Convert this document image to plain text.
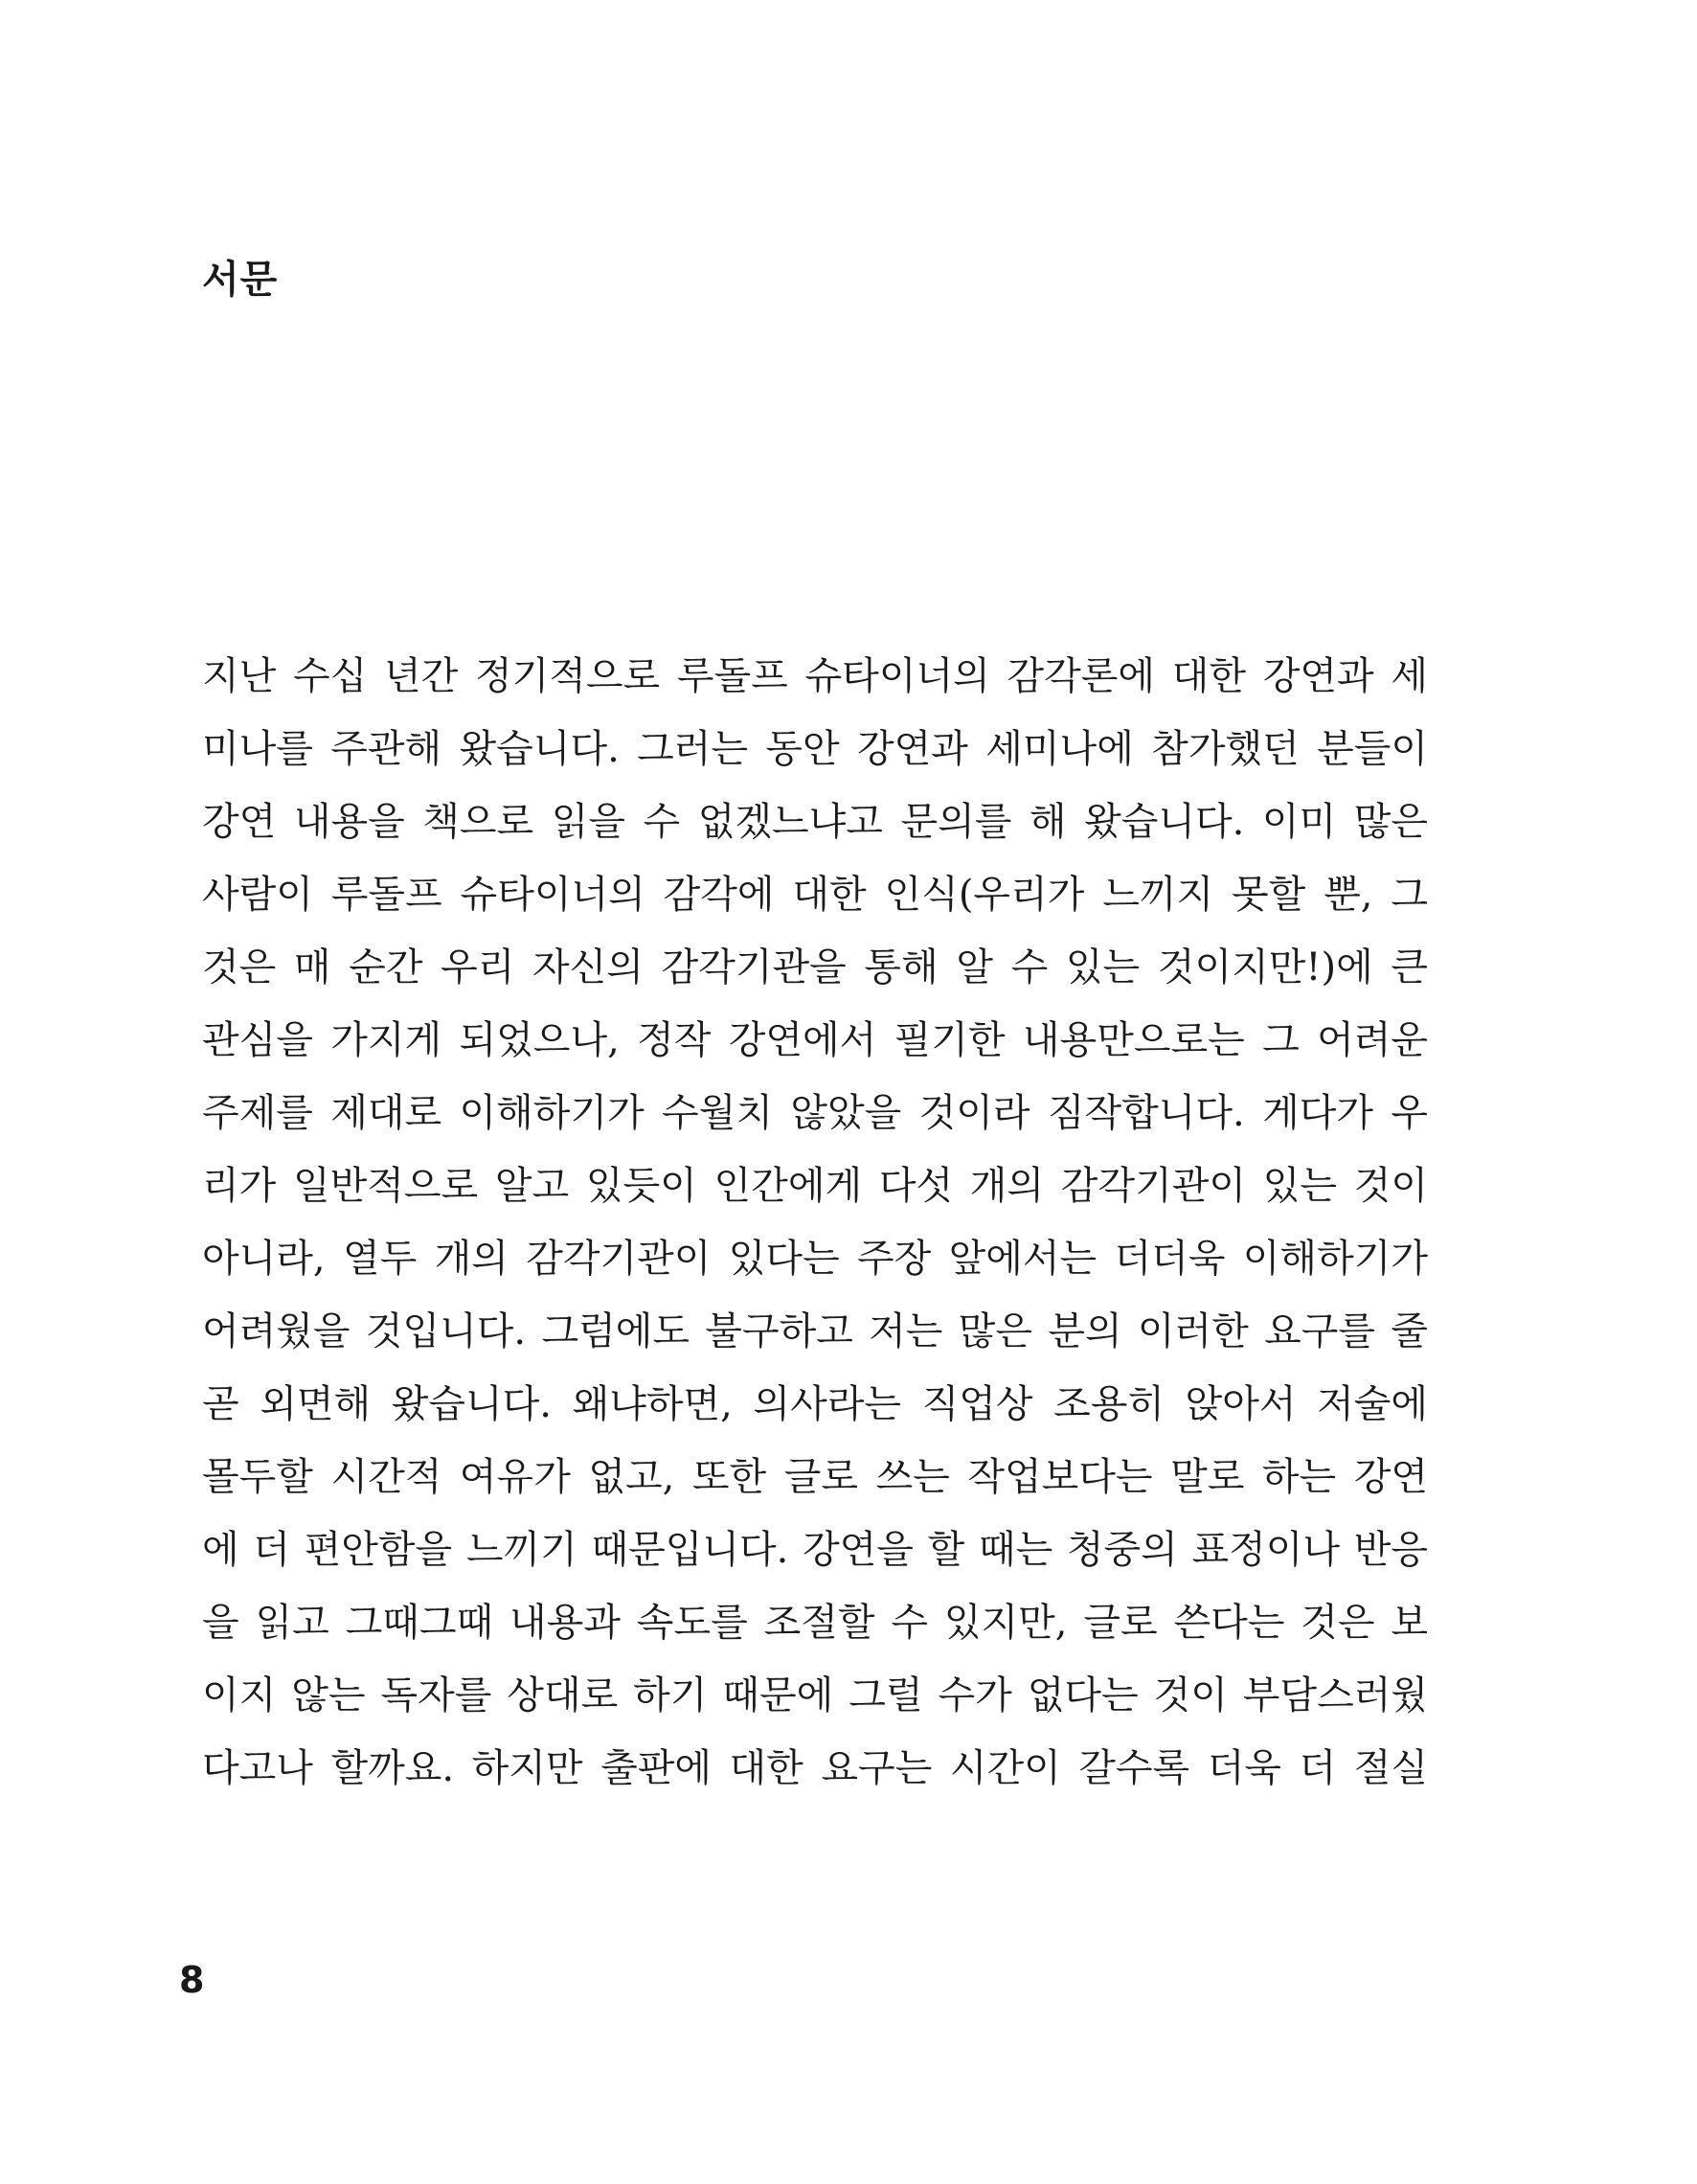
서문
지난 수십 년간 정기적으로 루돌프 슈타이너의 감각론에 대한 강연과 세
미나를 주관해 왔습니다. 그러는 동안 강연과 세미나에 참가했던 분들이
강연 내용을 책으로 읽을 수 없겠느냐고 문의를 해 왔습니다. 이미 많은
사람이 루돌프 슈타이너의 감각에 대한 인식(우리가 느끼지 못할 뿐, 그
것은 매 순간 우리 자신의 감각기관을 통해 알 수 있는 것이지만!)에 큰
관심을 가지게 되었으나, 정작 강연에서 필기한 내용만으로는 그 어려운
주제를 제대로 이해하기가 수월치 않았을 것이라 짐작합니다. 게다가 우
리가 일반적으로 알고 있듯이 인간에게 다섯 개의 감각기관이 있는 것이
아니라, 열두 개의 감각기관이 있다는 주장 앞에서는 더더욱 이해하기가
어려웠을 것입니다. 그럼에도 불구하고 저는 많은 분의 이러한 요구를 줄
곧 외면해 왔습니다. 왜냐하면, 의사라는 직업상 조용히 앉아서 저술에
몰두할 시간적 여유가 없고, 또한 글로 쓰는 작업보다는 말로 하는 강연
에 더 편안함을 느끼기 때문입니다. 강연을 할 때는 청중의 표정이나 반응
을 읽고 그때그때 내용과 속도를 조절할 수 있지만, 글로 쓴다는 것은 보
이지 않는 독자를 상대로 하기 때문에 그럴 수가 없다는 것이 부담스러웠
다고나 할까요. 하지만 출판에 대한 요구는 시간이 갈수록 더욱 더 절실
8
